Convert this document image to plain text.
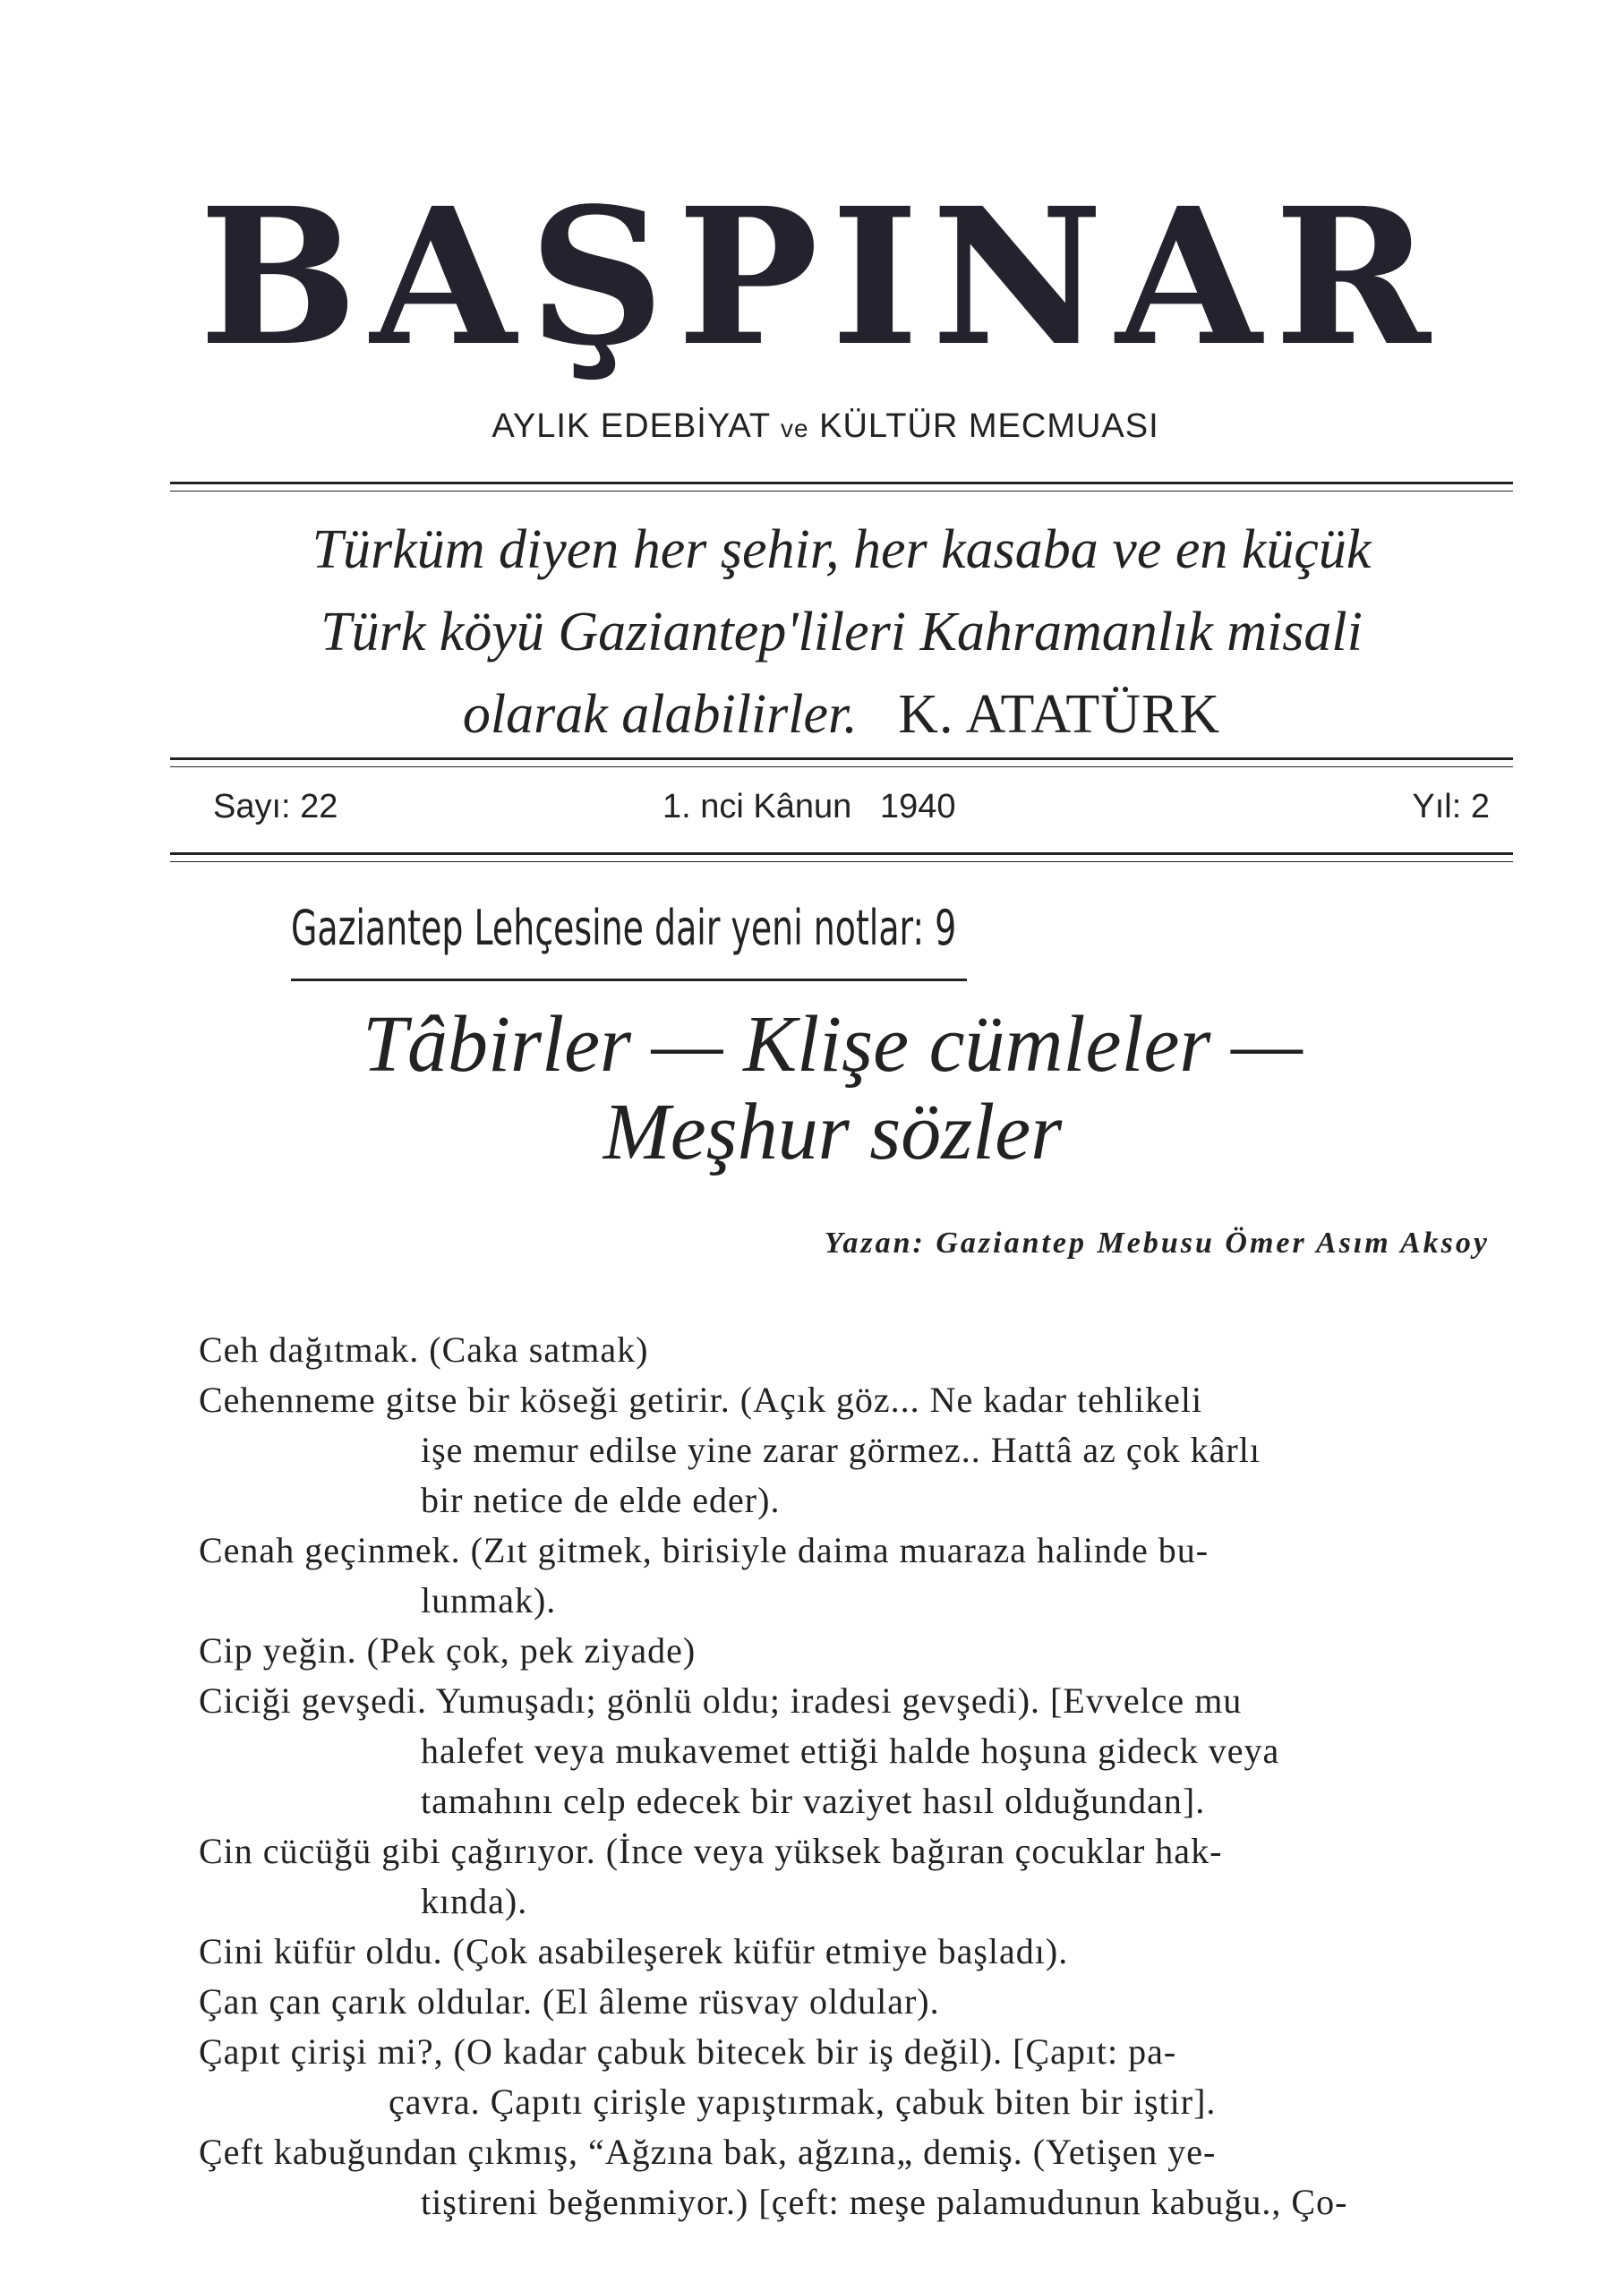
BAŞPINAR
AYLIK EDEBİYAT ve KÜLTÜR MECMUASI
Türküm diyen her şehir, her kasaba ve en küçük
Türk köyü Gaziantep'lileri Kahramanlık misali
olarak alabilirler. K. ATATÜRK
Sayı: 22	1. nci Kânun   1940	Yıl: 2
Gaziantep Lehçesine dair yeni notlar: 9
Tâbirler — Klişe cümleler —
Meşhur sözler
Yazan: Gaziantep Mebusu Ömer Asım Aksoy

Ceh dağıtmak. (Caka satmak)

Cehenneme gitse bir köseği getirir. (Açık göz... Ne kadar tehlikeli
işe memur edilse yine zarar görmez.. Hattâ az çok kârlı
bir netice de elde eder).

Cenah geçinmek. (Zıt gitmek, birisiyle daima muaraza halinde bu-
lunmak).

Cip yeğin. (Pek çok, pek ziyade)

Ciciği gevşedi. Yumuşadı; gönlü oldu; iradesi gevşedi). [Evvelce mu
halefet veya mukavemet ettiği halde hoşuna gideck veya
tamahını celp edecek bir vaziyet hasıl olduğundan].

Cin cücüğü gibi çağırıyor. (İnce veya yüksek bağıran çocuklar hak-
kında).

Cini küfür oldu. (Çok asabileşerek küfür etmiye başladı).

Çan çan çarık oldular. (El âleme rüsvay oldular).

Çapıt çirişi mi?, (O kadar çabuk bitecek bir iş değil). [Çapıt: pa-
çavra. Çapıtı çirişle yapıştırmak, çabuk biten bir iştir].

Çeft kabuğundan çıkmış, “Ağzına bak, ağzına„ demiş. (Yetişen ye-
tiştireni beğenmiyor.) [çeft: meşe palamudunun kabuğu., Ço-
